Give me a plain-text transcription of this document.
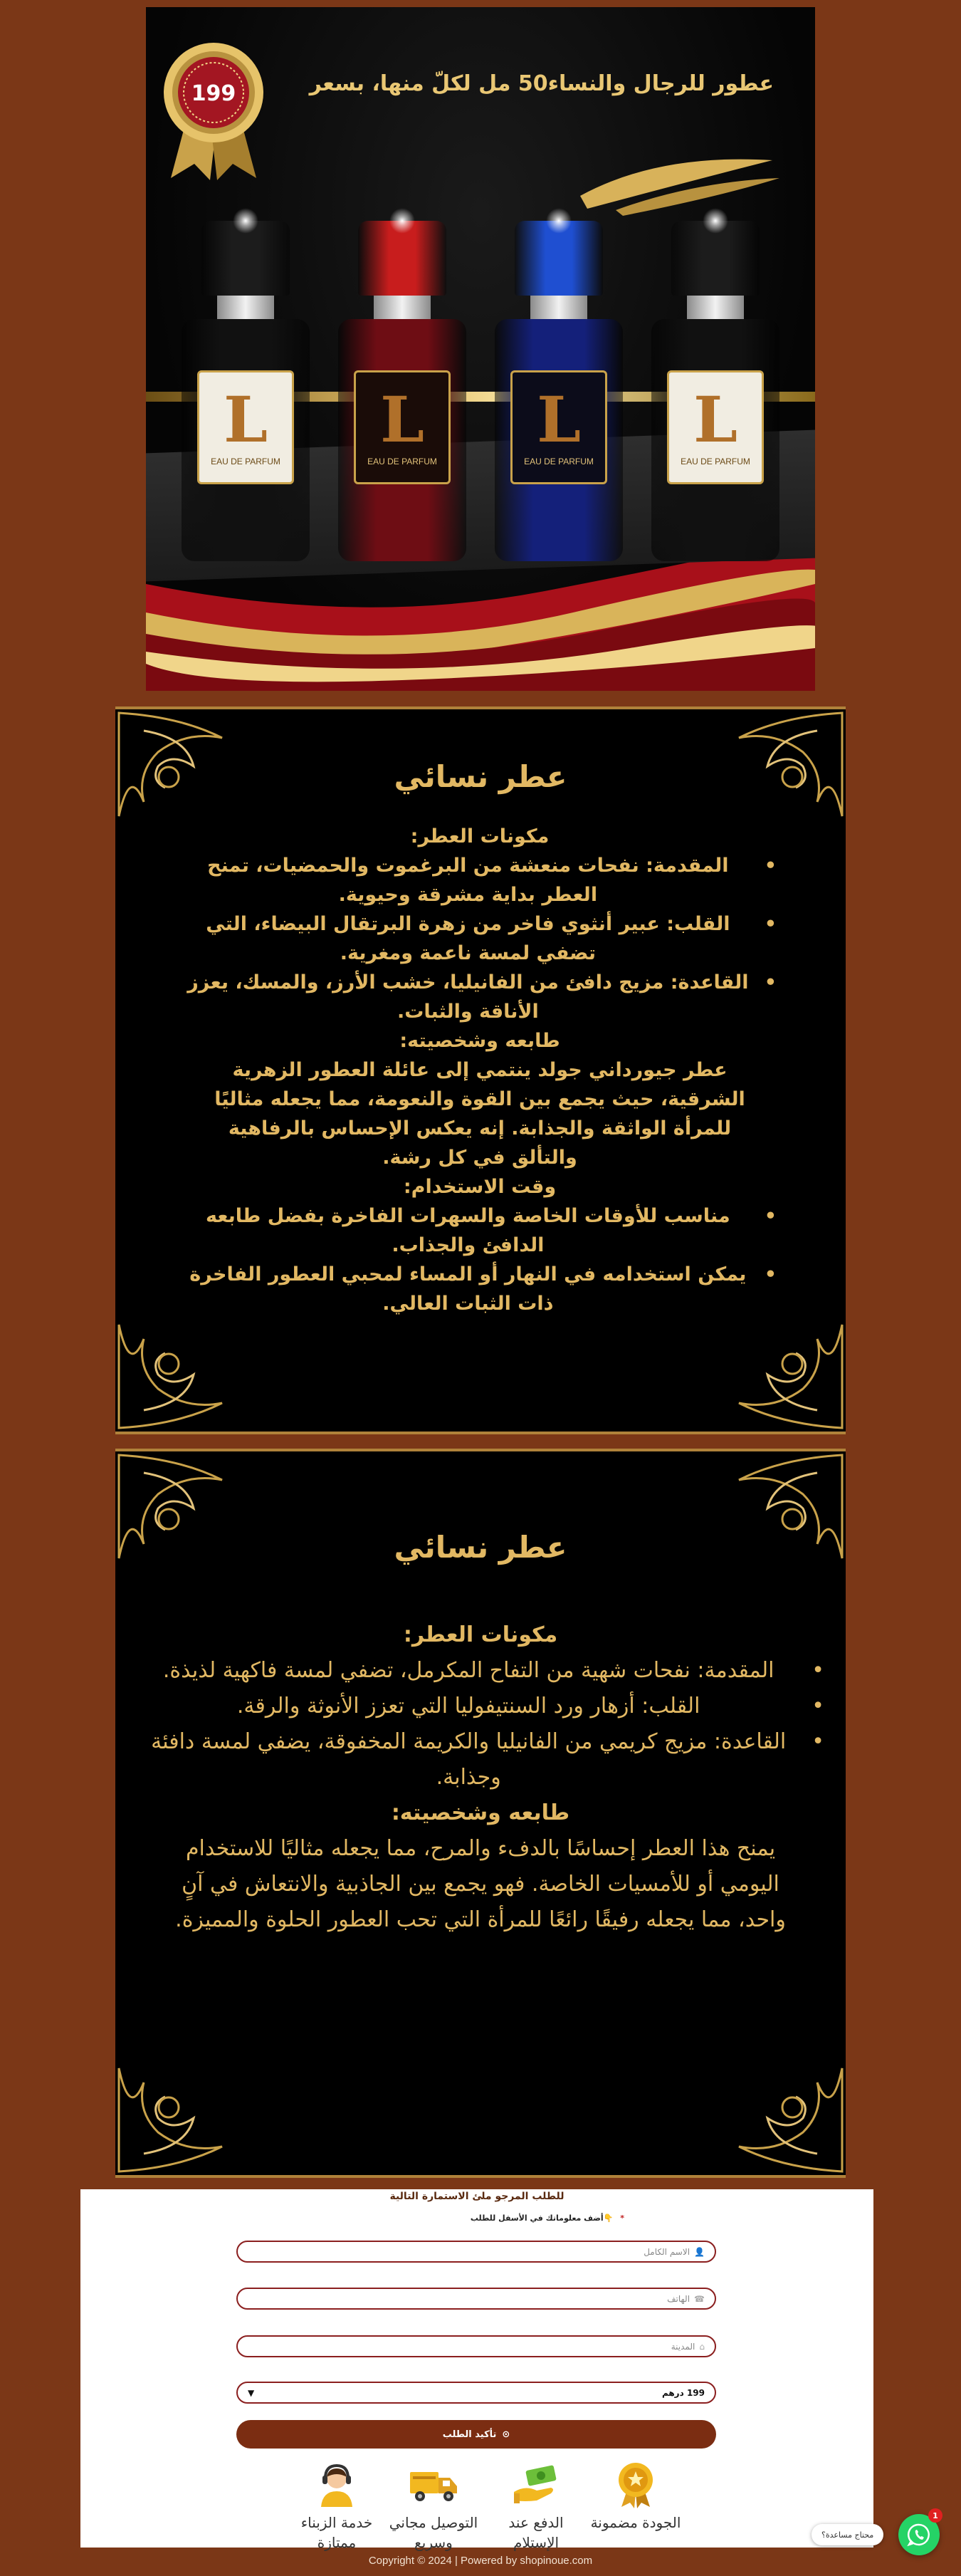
عطور للرجال والنساء50 مل لكلّ منها، بسعر
199
L
EAU DE PARFUM
L
EAU DE PARFUM
L
EAU DE PARFUM
L
EAU DE PARFUM
عطر نسائي
مكونات العطر:
•
المقدمة: نفحات منعشة من البرغموت والحمضيات، تمنح العطر بداية مشرقة وحيوية.
•
القلب: عبير أنثوي فاخر من زهرة البرتقال البيضاء، التي تضفي لمسة ناعمة ومغرية.
•
القاعدة: مزيج دافئ من الفانيليا، خشب الأرز، والمسك، يعزز الأناقة والثبات.
طابعه وشخصيته:
عطر جيورداني جولد ينتمي إلى عائلة العطور الزهرية الشرقية، حيث يجمع بين القوة والنعومة، مما يجعله مثاليًا للمرأة الواثقة والجذابة. إنه يعكس الإحساس بالرفاهية والتألق في كل رشة.
وقت الاستخدام:
•
مناسب للأوقات الخاصة والسهرات الفاخرة بفضل طابعه الدافئ والجذاب.
•
يمكن استخدامه في النهار أو المساء لمحبي العطور الفاخرة ذات الثبات العالي.
عطر نسائي
مكونات العطر:
•
المقدمة: نفحات شهية من التفاح المكرمل، تضفي لمسة فاكهية لذيذة.
•
القلب: أزهار ورد السنتيفوليا التي تعزز الأنوثة والرقة.
•
القاعدة: مزيج كريمي من الفانيليا والكريمة المخفوقة، يضفي لمسة دافئة وجذابة.
طابعه وشخصيته:
يمنح هذا العطر إحساسًا بالدفء والمرح، مما يجعله مثاليًا للاستخدام اليومي أو للأمسيات الخاصة. فهو يجمع بين الجاذبية والانتعاش في آنٍ واحد، مما يجعله رفيقًا رائعًا للمرأة التي تحب العطور الحلوة والمميزة.
للطلب المرجو ملئ الاستمارة التالية
* 👇أضف معلوماتك في الأسفل للطلب
👤
الاسم الكامل
☎
الهاتف
⌂
المدينة
199 درهم
▼
⊙
تأكيد الطلب
الجودة مضمونة
الدفع عند الإستلام
التوصيل مجاني وسريع
خدمة الزبناء ممتازة
Copyright © 2024 | Powered by shopinoue.com
محتاج مساعدة؟
1
